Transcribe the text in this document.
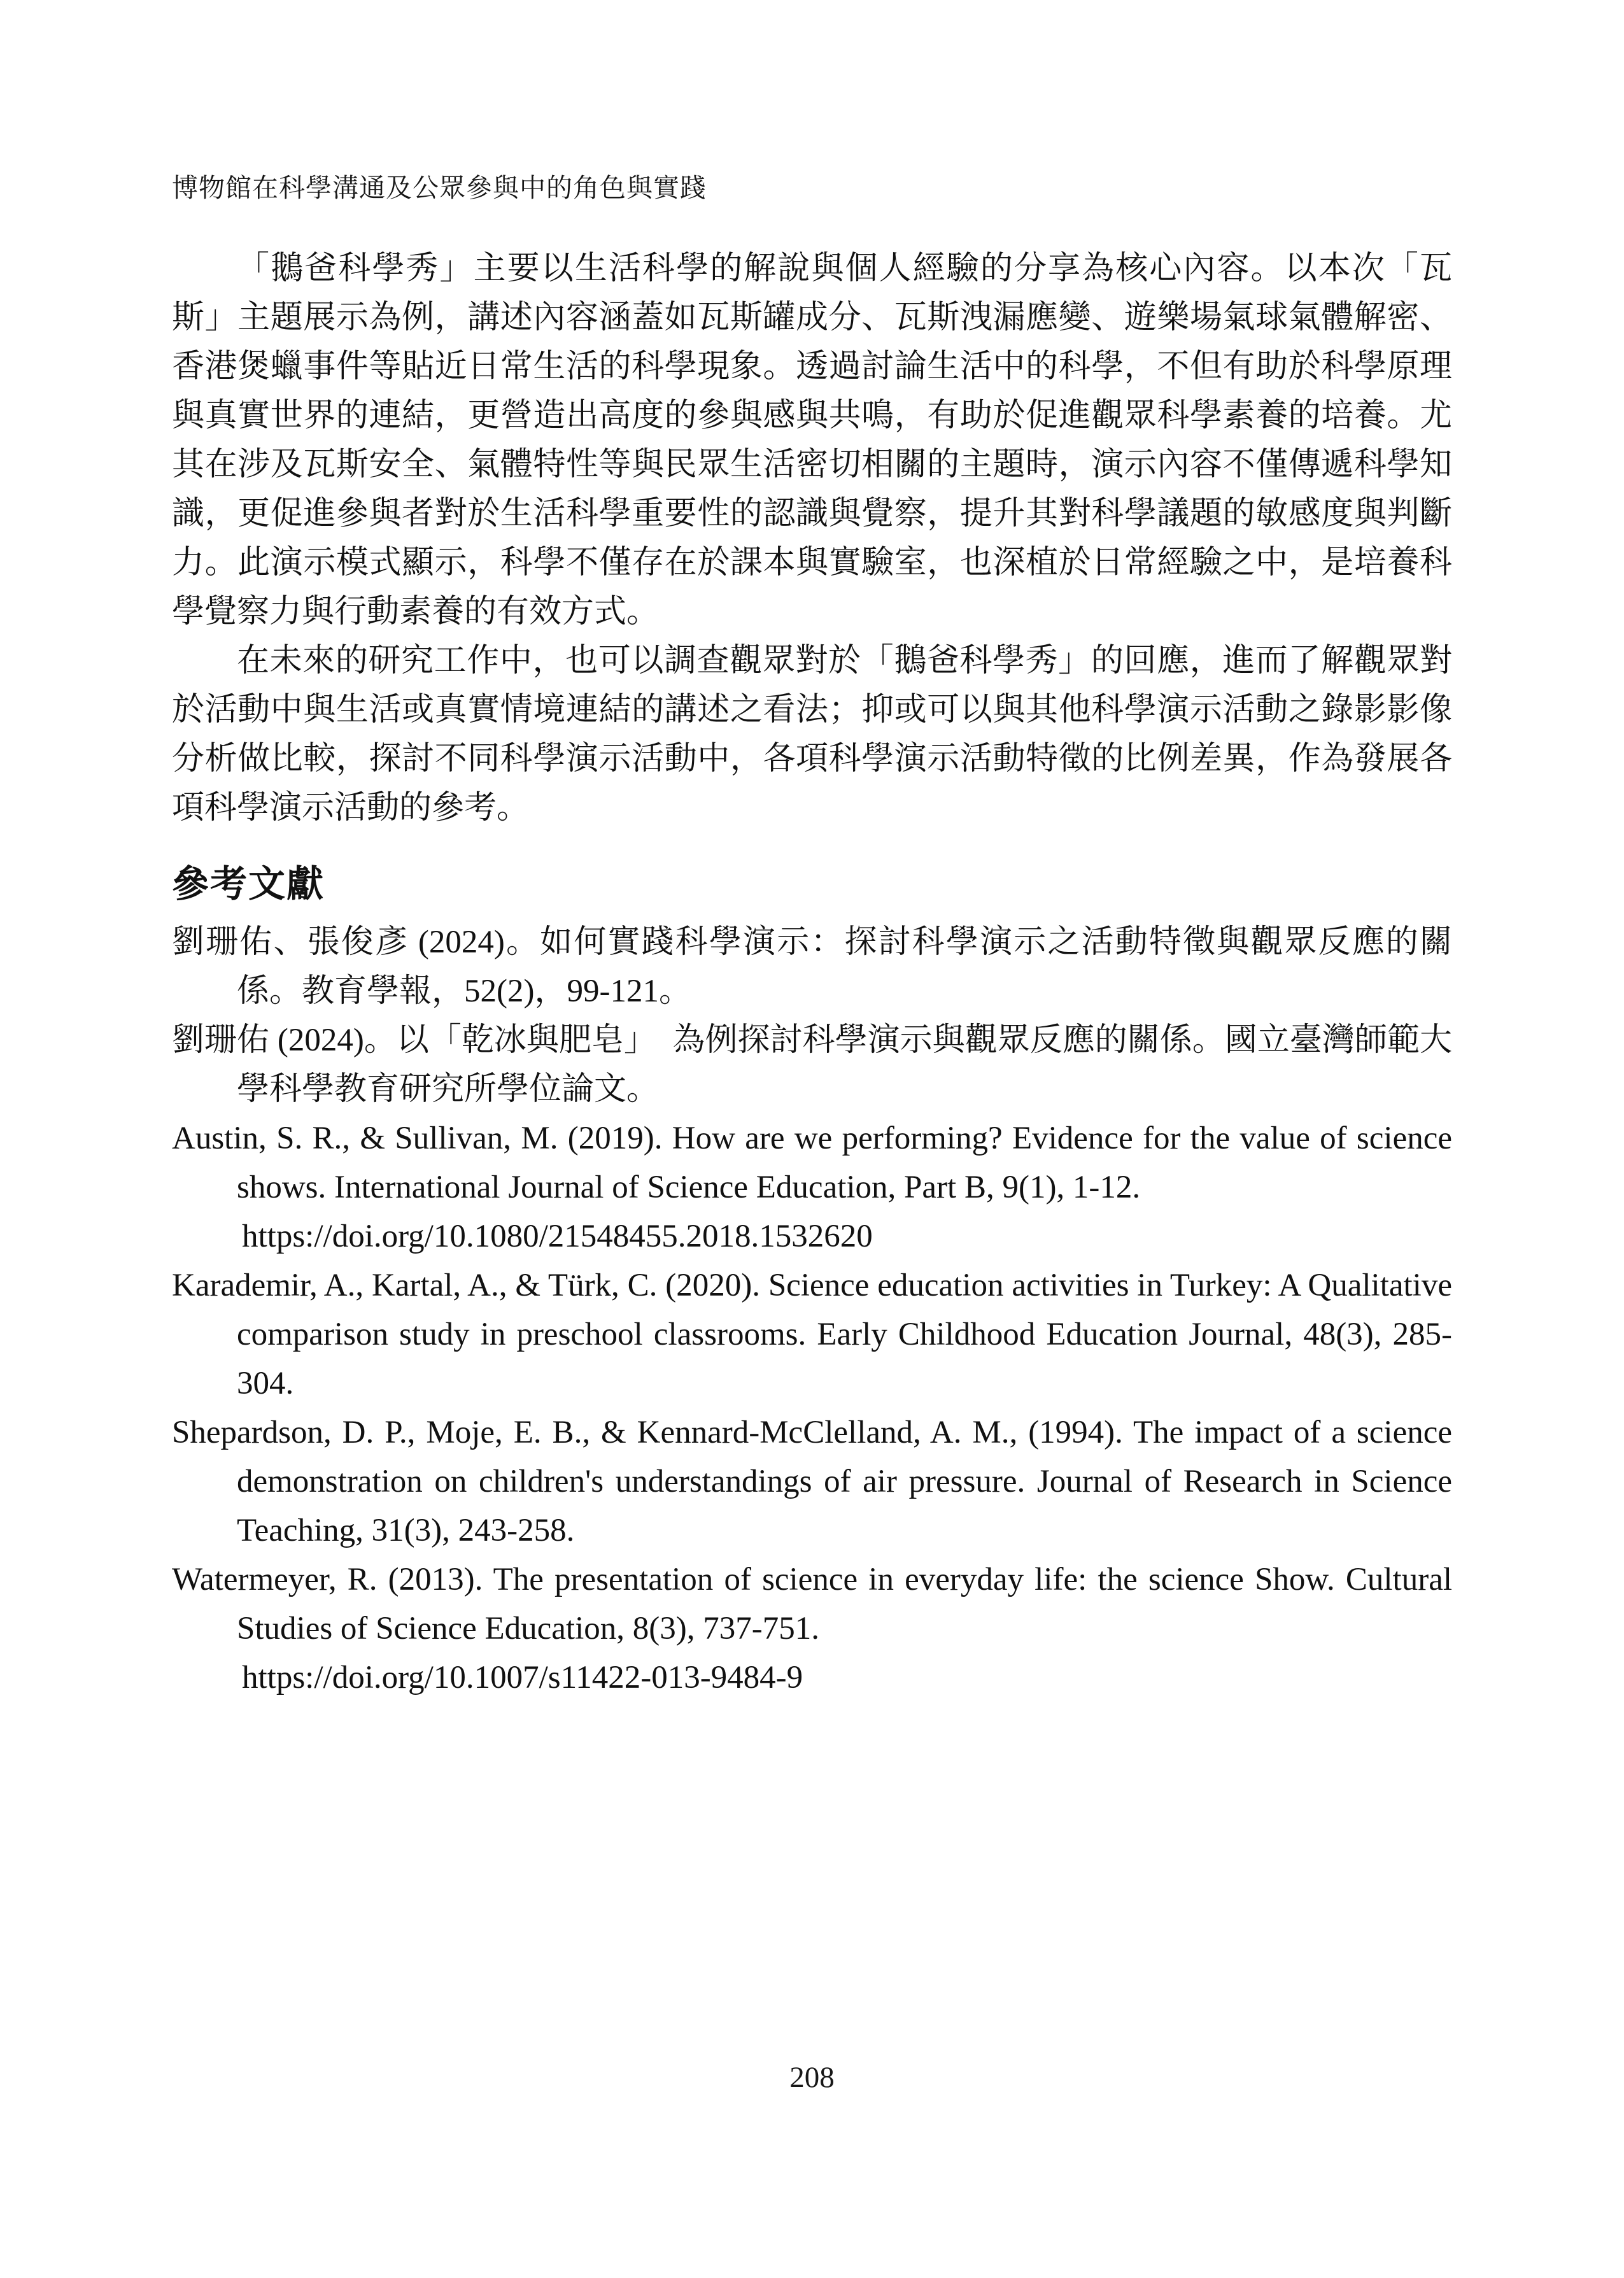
博物館在科學溝通及公眾參與中的角色與實踐

「鵝爸科學秀」主要以生活科學的解說與個人經驗的分享為核心內容。以本次「瓦斯」主題展示為例，講述內容涵蓋如瓦斯罐成分、瓦斯洩漏應變、遊樂場氣球氣體解密、香港煲蠟事件等貼近日常生活的科學現象。透過討論生活中的科學，不但有助於科學原理與真實世界的連結，更營造出高度的參與感與共鳴，有助於促進觀眾科學素養的培養。尤其在涉及瓦斯安全、氣體特性等與民眾生活密切相關的主題時，演示內容不僅傳遞科學知識，更促進參與者對於生活科學重要性的認識與覺察，提升其對科學議題的敏感度與判斷力。此演示模式顯示，科學不僅存在於課本與實驗室，也深植於日常經驗之中，是培養科學覺察力與行動素養的有效方式。

在未來的研究工作中，也可以調查觀眾對於「鵝爸科學秀」的回應，進而了解觀眾對於活動中與生活或真實情境連結的講述之看法；抑或可以與其他科學演示活動之錄影影像分析做比較，探討不同科學演示活動中，各項科學演示活動特徵的比例差異，作為發展各項科學演示活動的參考。

參考文獻
劉珊佑、張俊彥 (2024)。如何實踐科學演示：探討科學演示之活動特徵與觀眾反應的關係。教育學報，52(2)，99-121。
劉珊佑 (2024)。以「乾冰與肥皂」　為例探討科學演示與觀眾反應的關係。國立臺灣師範大學科學教育研究所學位論文。
Austin, S. R., & Sullivan, M. (2019). How are we performing? Evidence for the value of science shows. International Journal of Science Education, Part B, 9(1), 1-12.
https://doi.org/10.1080/21548455.2018.1532620
Karademir, A., Kartal, A., & Türk, C. (2020). Science education activities in Turkey: A Qualitative comparison study in preschool classrooms. Early Childhood Education Journal, 48(3), 285-304.
Shepardson, D. P., Moje, E. B., & Kennard-McClelland, A. M., (1994). The impact of a science demonstration on children's understandings of air pressure. Journal of Research in Science Teaching, 31(3), 243-258.
Watermeyer, R. (2013). The presentation of science in everyday life: the science Show. Cultural Studies of Science Education, 8(3), 737-751.
https://doi.org/10.1007/s11422-013-9484-9
208
